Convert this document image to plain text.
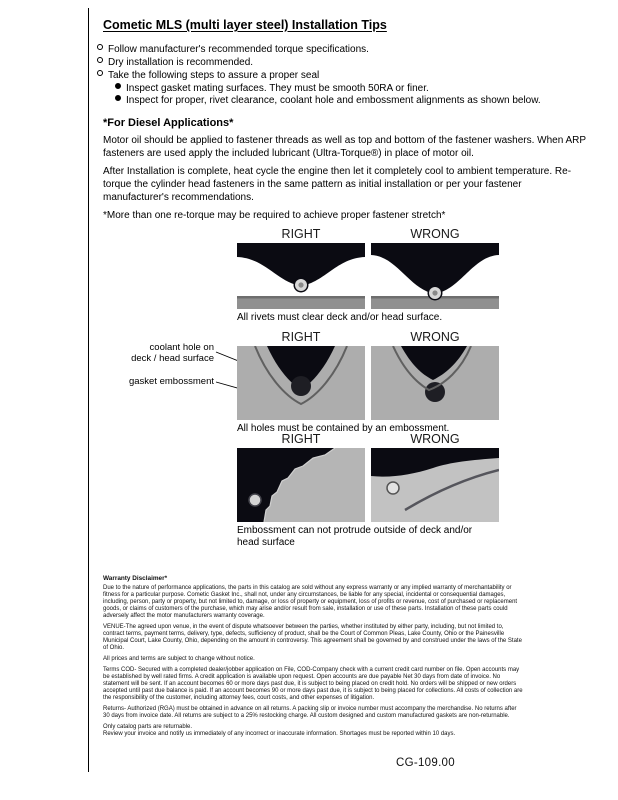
Cometic MLS (multi layer steel) Installation Tips
Follow manufacturer's recommended torque specifications.
Dry installation is recommended.
Take the following steps to assure a proper seal
Inspect gasket mating surfaces. They must be smooth 50RA or finer.
Inspect for proper, rivet clearance, coolant hole and embossment alignments as shown below.
*For Diesel Applications*
Motor oil should be applied to fastener threads as well as top and bottom of the fastener washers. When ARP fasteners are used apply the included lubricant (Ultra-Torque®) in place of motor oil.
After Installation is complete, heat cycle the engine then let it completely cool to ambient temperature. Re-torque the cylinder head fasteners in the same pattern as initial installation or per your fastener manufacturer's recommendations.
*More than one re-torque may be required to achieve proper fastener stretch*
RIGHT	WRONG
All rivets must clear deck and/or head surface.
RIGHT	WRONG
coolant hole on
deck / head surface
gasket embossment
All holes must be contained by an embossment.
RIGHT	WRONG
Embossment can not protrude outside of deck and/or head surface

Warranty Disclaimer*

Due to the nature of performance applications, the parts in this catalog are sold without any express warranty or any implied warranty of merchantability or fitness for a particular purpose. Cometic Gasket Inc., shall not, under any circumstances, be liable for any special, incidental or consequential damages, including, person, party or property, but not limited to, damage, or loss of property or equipment, loss of profits or revenue, cost of purchased or replacement goods, or claims of customers of the purchase, which may arise and/or result from sale, installation or use of these parts. Installation of these parts could adversely affect the motor manufacturers warranty coverage.

VENUE-The agreed upon venue, in the event of dispute whatsoever between the parties, whether instituted by either party, including, but not limited to, contract terms, payment terms, delivery, type, defects, sufficiency of product, shall be the Court of Common Pleas, Lake County, Ohio or the Painesville Municipal Court, Lake County, Ohio, depending on the amount in controversy. This agreement shall be governed by and construed under the laws of the State of Ohio.

All prices and terms are subject to change without notice.

Terms COD- Secured with a completed dealer/jobber application on File, COD-Company check with a current credit card number on file. Open accounts may be established by well rated firms. A credit application is available upon request. Open accounts are due payable Net 30 days from date of invoice. No statement will be sent. If an account becomes 60 or more days past due, it is subject to being placed on credit hold. No orders will be shipped or new orders accepted until past due balance is paid. If an account becomes 90 or more days past due, it is subject to being placed for collections. All costs of collection are the responsibility of the customer, including attorney fees, court costs, and other expenses of litigation.

Returns- Authorized (RGA) must be obtained in advance on all returns. A packing slip or invoice number must accompany the merchandise. No returns after 30 days from invoice date. All returns are subject to a 25% restocking charge. All custom designed and custom manufactured gaskets are non-returnable.

Only catalog parts are returnable.

Review your invoice and notify us immediately of any incorrect or inaccurate information. Shortages must be reported within 10 days.

CG-109.00
